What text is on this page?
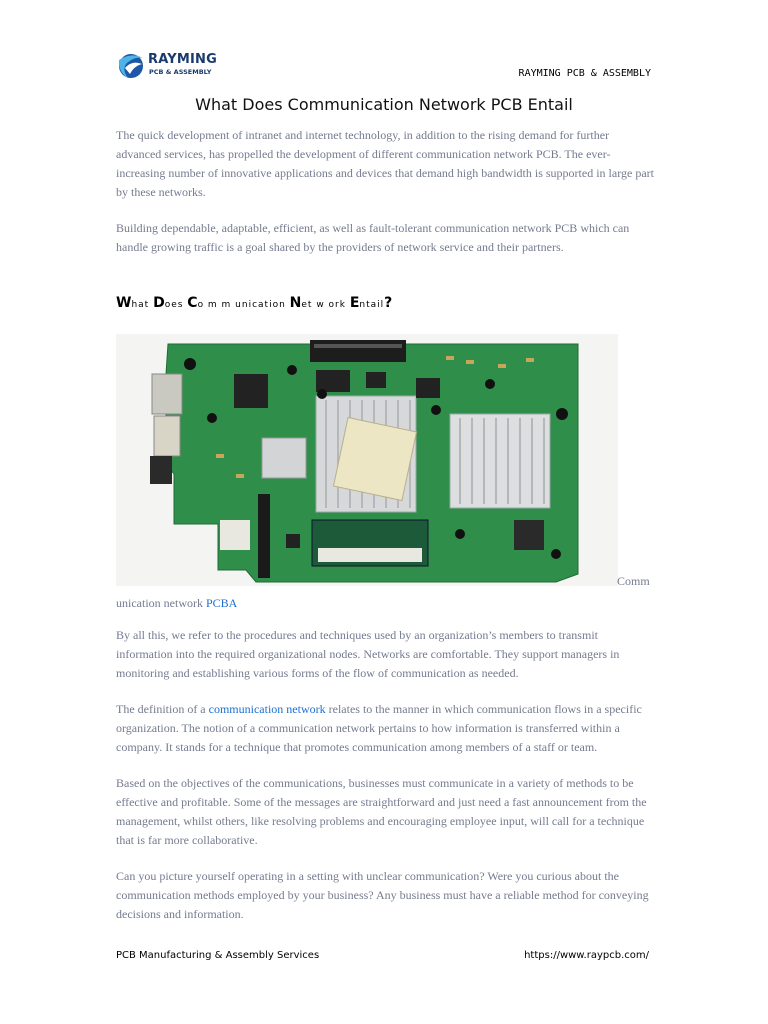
RAYMING
PCB & ASSEMBLY	RAYMING PCB & ASSEMBLY
What Does Communication Network PCB Entail

The quick development of intranet and internet technology, in addition to the rising demand for further advanced services, has propelled the development of different communication network PCB. The ever-increasing number of innovative applications and devices that demand high bandwidth is supported in large part by these networks.

Building dependable, adaptable, efficient, as well as fault-tolerant communication network PCB which can handle growing traffic is a goal shared by the providers of network service and their partners.

What Does Co m m unication Net w ork Entail?
Comm
unication network PCBA

By all this, we refer to the procedures and techniques used by an organization’s members to transmit information into the required organizational nodes. Networks are comfortable. They support managers in monitoring and establishing various forms of the flow of communication as needed.

The definition of a communication network relates to the manner in which communication flows in a specific organization. The notion of a communication network pertains to how information is transferred within a company. It stands for a technique that promotes communication among members of a staff or team.

Based on the objectives of the communications, businesses must communicate in a variety of methods to be effective and profitable. Some of the messages are straightforward and just need a fast announcement from the management, whilst others, like resolving problems and encouraging employee input, will call for a technique that is far more collaborative.

Can you picture yourself operating in a setting with unclear communication? Were you curious about the communication methods employed by your business? Any business must have a reliable method for conveying decisions and information.

PCB Manufacturing & Assembly Services	https://www.raypcb.com/
